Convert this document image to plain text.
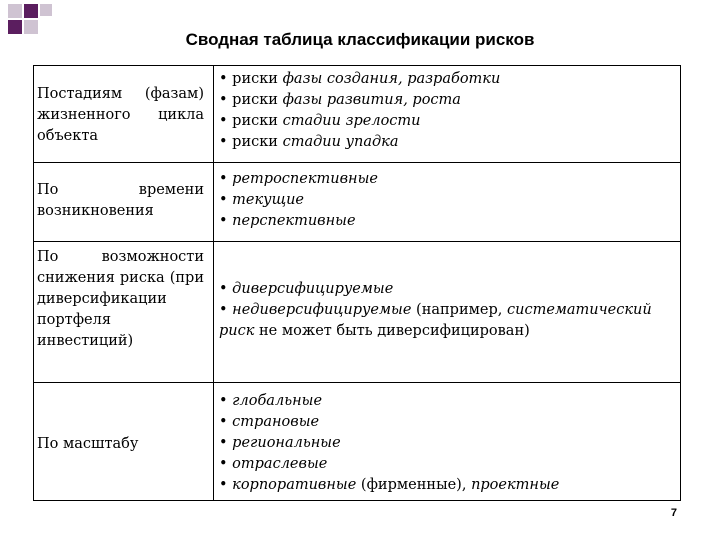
Сводная таблица классификации рисков
Постадиям (фазам) жизненного цикла объекта
• риски фазы создания, разработки
• риски фазы развития, роста
• риски стадии зрелости
• риски стадии упадка
По времени возникновения
• ретроспективные
• текущие
• перспективные
По возможности снижения риска (при диверсификации портфеля инвестиций)
• диверсифицируемые
• недиверсифицируемые (например, систематический
риск не может быть диверсифицирован)
По масштабу
• глобальные
• страновые
• региональные
• отраслевые
• корпоративные (фирменные), проектные
7
